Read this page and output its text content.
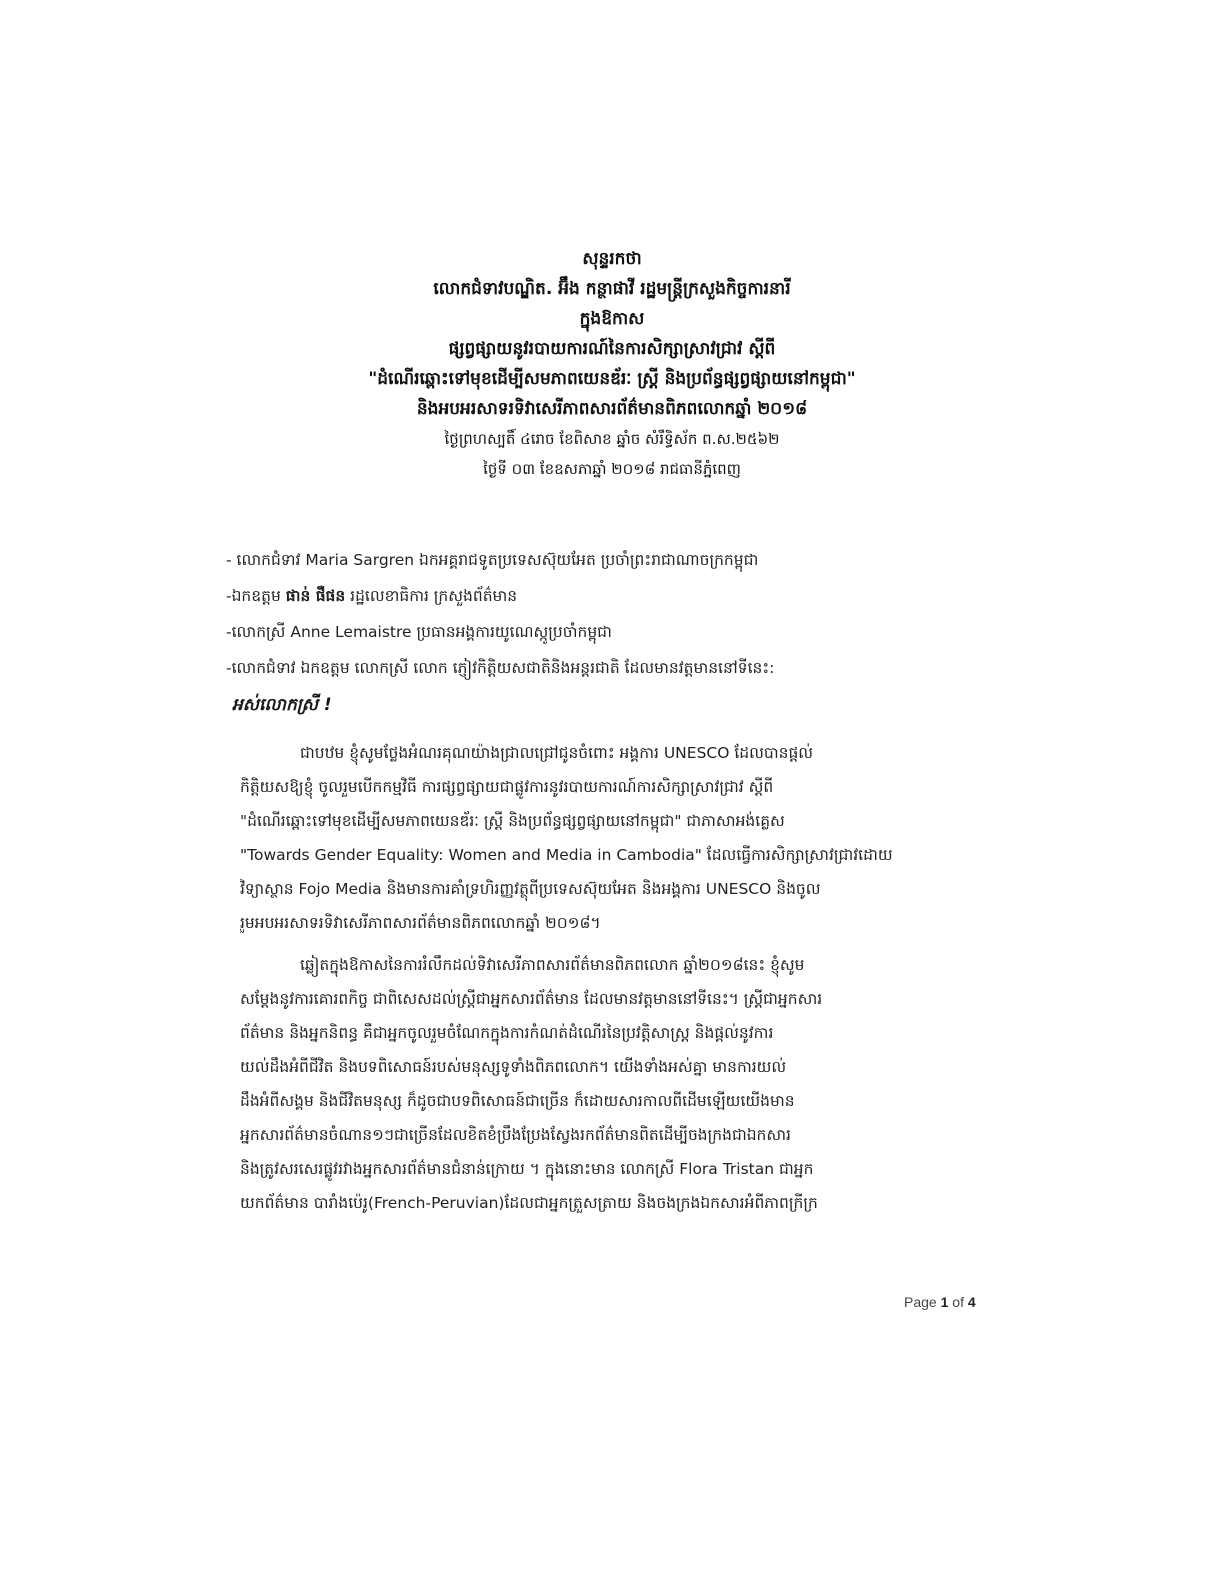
សុន្ទរកថា
លោកជំទាវបណ្ឌិត. អ៊ឹង កន្ថាផាវី រដ្ឋមន្ត្រីក្រសួងកិច្ចការនារី
ក្នុងឱកាស
ផ្សព្វផ្សាយនូវរបាយការណ៍នៃការសិក្សាស្រាវជ្រាវ ស្តីពី
"ដំណើរឆ្ពោះទៅមុខដើម្បីសមភាពយេនឌ័រៈ ស្ត្រី និងប្រព័ន្ធផ្សព្វផ្សាយនៅកម្ពុជា"
និងអបអរសាទរទិវាសេរីភាពសារព័ត៌មានពិភពលោកឆ្នាំ ២០១៨
ថ្ងៃព្រហស្បតិ៍ ៤រោច ខែពិសាខ ឆ្នាំច សំរឹទ្ធិស័ក ព.ស.២៥៦២
ថ្ងៃទី ០៣ ខែឧសភាឆ្នាំ ២០១៨ រាជធានីភ្នំពេញ
- លោកជំទាវ Maria Sargren ឯកអគ្គរាជទូតប្រទេសស៊ុយអែត ប្រចាំព្រះរាជាណាចក្រកម្ពុជា
-ឯកឧត្តម ផាន់ ផឺផន រដ្ឋលេខាធិការ ក្រសួងព័ត៌មាន
-លោកស្រី Anne Lemaistre ប្រធានអង្គការយូណេស្កូប្រចាំកម្ពុជា
-លោកជំទាវ ឯកឧត្តម លោកស្រី លោក ភ្ញៀវកិត្តិយសជាតិនិងអន្តរជាតិ ដែលមានវត្តមាននៅទីនេះ:
អស់លោកស្រី !
ជាបឋម ខ្ញុំសូមថ្លែងអំណរគុណយ៉ាងជ្រាលជ្រៅជូនចំពោះ អង្គការ UNESCO ដែលបានផ្តល់
កិត្តិយសឱ្យខ្ញុំ ចូលរួមបើកកម្មវិធី ការផ្សព្វផ្សាយជាផ្លូវការនូវរបាយការណ៍ការសិក្សាស្រាវជ្រាវ ស្តីពី
"ដំណើរឆ្ពោះទៅមុខដើម្បីសមភាពយេនឌ័រៈ ស្ត្រី និងប្រព័ន្ធផ្សព្វផ្សាយនៅកម្ពុជា" ជាភាសាអង់គ្លេស
"Towards Gender Equality: Women and Media in Cambodia" ដែលធ្វើការសិក្សាស្រាវជ្រាវដោយ
វិទ្យាស្ថាន Fojo Media និងមានការគាំទ្រហិរញ្ញវត្ថុពីប្រទេសស៊ុយអែត និងអង្គការ UNESCO និងចូល
រួមអបអរសាទរទិវាសេរីភាពសារព័ត៌មានពិភពលោកឆ្នាំ ២០១៨។
ឆ្លៀតក្នុងឱកាសនៃការរំលឹកដល់ទិវាសេរីភាពសារព័ត៌មានពិភពលោក ឆ្នាំ២០១៨នេះ ខ្ញុំសូម
សម្តែងនូវការគោរពកិច្ច ជាពិសេសដល់ស្ត្រីជាអ្នកសារព័ត៌មាន ដែលមានវត្តមាននៅទីនេះ។ ស្ត្រីជាអ្នកសារ
ព័ត៌មាន និងអ្នកនិពន្ធ គឺជាអ្នកចូលរួមចំណែកក្នុងការកំណត់ដំណើរនៃប្រវត្តិសាស្ត្រ និងផ្តល់នូវការ
យល់ដឹងអំពីជីវិត និងបទពិសោធន៍របស់មនុស្សទូទាំងពិភពលោក។ យើងទាំងអស់គ្នា មានការយល់
ដឹងអំពីសង្គម និងជីវិតមនុស្ស ក៏ដូចជាបទពិសោធន៍ជាច្រើន ក៏ដោយសារកាលពីដើមឡើយយើងមាន
អ្នកសារព័ត៌មានចំណាន១ៗជាច្រើនដែលខិតខំប្រឹងប្រែងស្វែងរកព័ត៌មានពិតដើម្បីចងក្រងជាឯកសារ
និងត្រូវសរសេរផ្លូវរវាងអ្នកសារព័ត៌មានជំនាន់ក្រោយ ។ ក្នុងនោះមាន លោកស្រី Flora Tristan ជាអ្នក
យកព័ត៌មាន បារាំងប៉េរូ(French-Peruvian)ដែលជាអ្នកត្រួសត្រាយ និងចងក្រងឯកសារអំពីភាពក្រីក្រ
Page 1 of 4
